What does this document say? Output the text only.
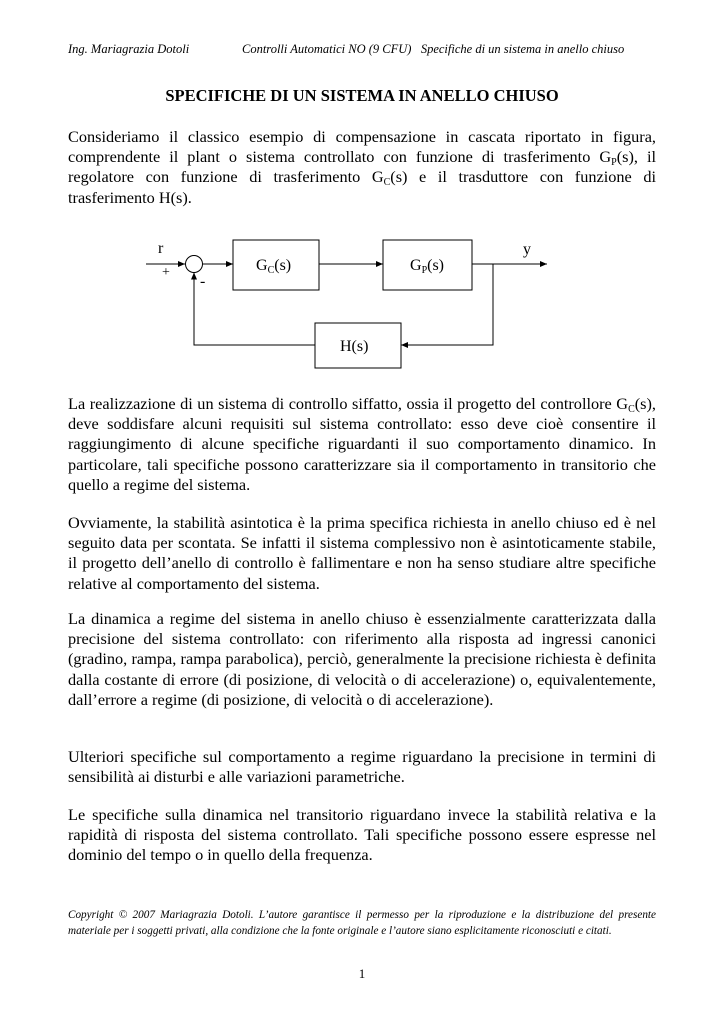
Ing. Mariagrazia Dotoli	Controlli Automatici NO (9 CFU) Specifiche di un sistema in anello chiuso
SPECIFICHE DI UN SISTEMA IN ANELLO CHIUSO

Consideriamo il classico esempio di compensazione in cascata riportato in figura, comprendente il plant o sistema controllato con funzione di trasferimento $G_P(s)$, il regolatore con funzione di trasferimento $G_C(s)$ e il trasduttore con funzione di trasferimento H(s).

r
+
-
GC(s)	GP(s)
y
H(s)

La realizzazione di un sistema di controllo siffatto, ossia il progetto del controllore $G_C(s)$, deve soddisfare alcuni requisiti sul sistema controllato: esso deve cioè consentire il raggiungimento di alcune specifiche riguardanti il suo comportamento dinamico. In particolare, tali specifiche possono caratterizzare sia il comportamento in transitorio che quello a regime del sistema.

Ovviamente, la stabilità asintotica è la prima specifica richiesta in anello chiuso ed è nel seguito data per scontata. Se infatti il sistema complessivo non è asintoticamente stabile, il progetto dell’anello di controllo è fallimentare e non ha senso studiare altre specifiche relative al comportamento del sistema.

La dinamica a regime del sistema in anello chiuso è essenzialmente caratterizzata dalla precisione del sistema controllato: con riferimento alla risposta ad ingressi canonici (gradino, rampa, rampa parabolica), perciò, generalmente la precisione richiesta è definita dalla costante di errore (di posizione, di velocità o di accelerazione) o, equivalentemente, dall’errore a regime (di posizione, di velocità o di accelerazione).

Ulteriori specifiche sul comportamento a regime riguardano la precisione in termini di sensibilità ai disturbi e alle variazioni parametriche.

Le specifiche sulla dinamica nel transitorio riguardano invece la stabilità relativa e la rapidità di risposta del sistema controllato. Tali specifiche possono essere espresse nel dominio del tempo o in quello della frequenza.

Copyright © 2007 Mariagrazia Dotoli. L’autore garantisce il permesso per la riproduzione e la distribuzione del presente materiale per i soggetti privati, alla condizione che la fonte originale e l’autore siano esplicitamente riconosciuti e citati.
1
